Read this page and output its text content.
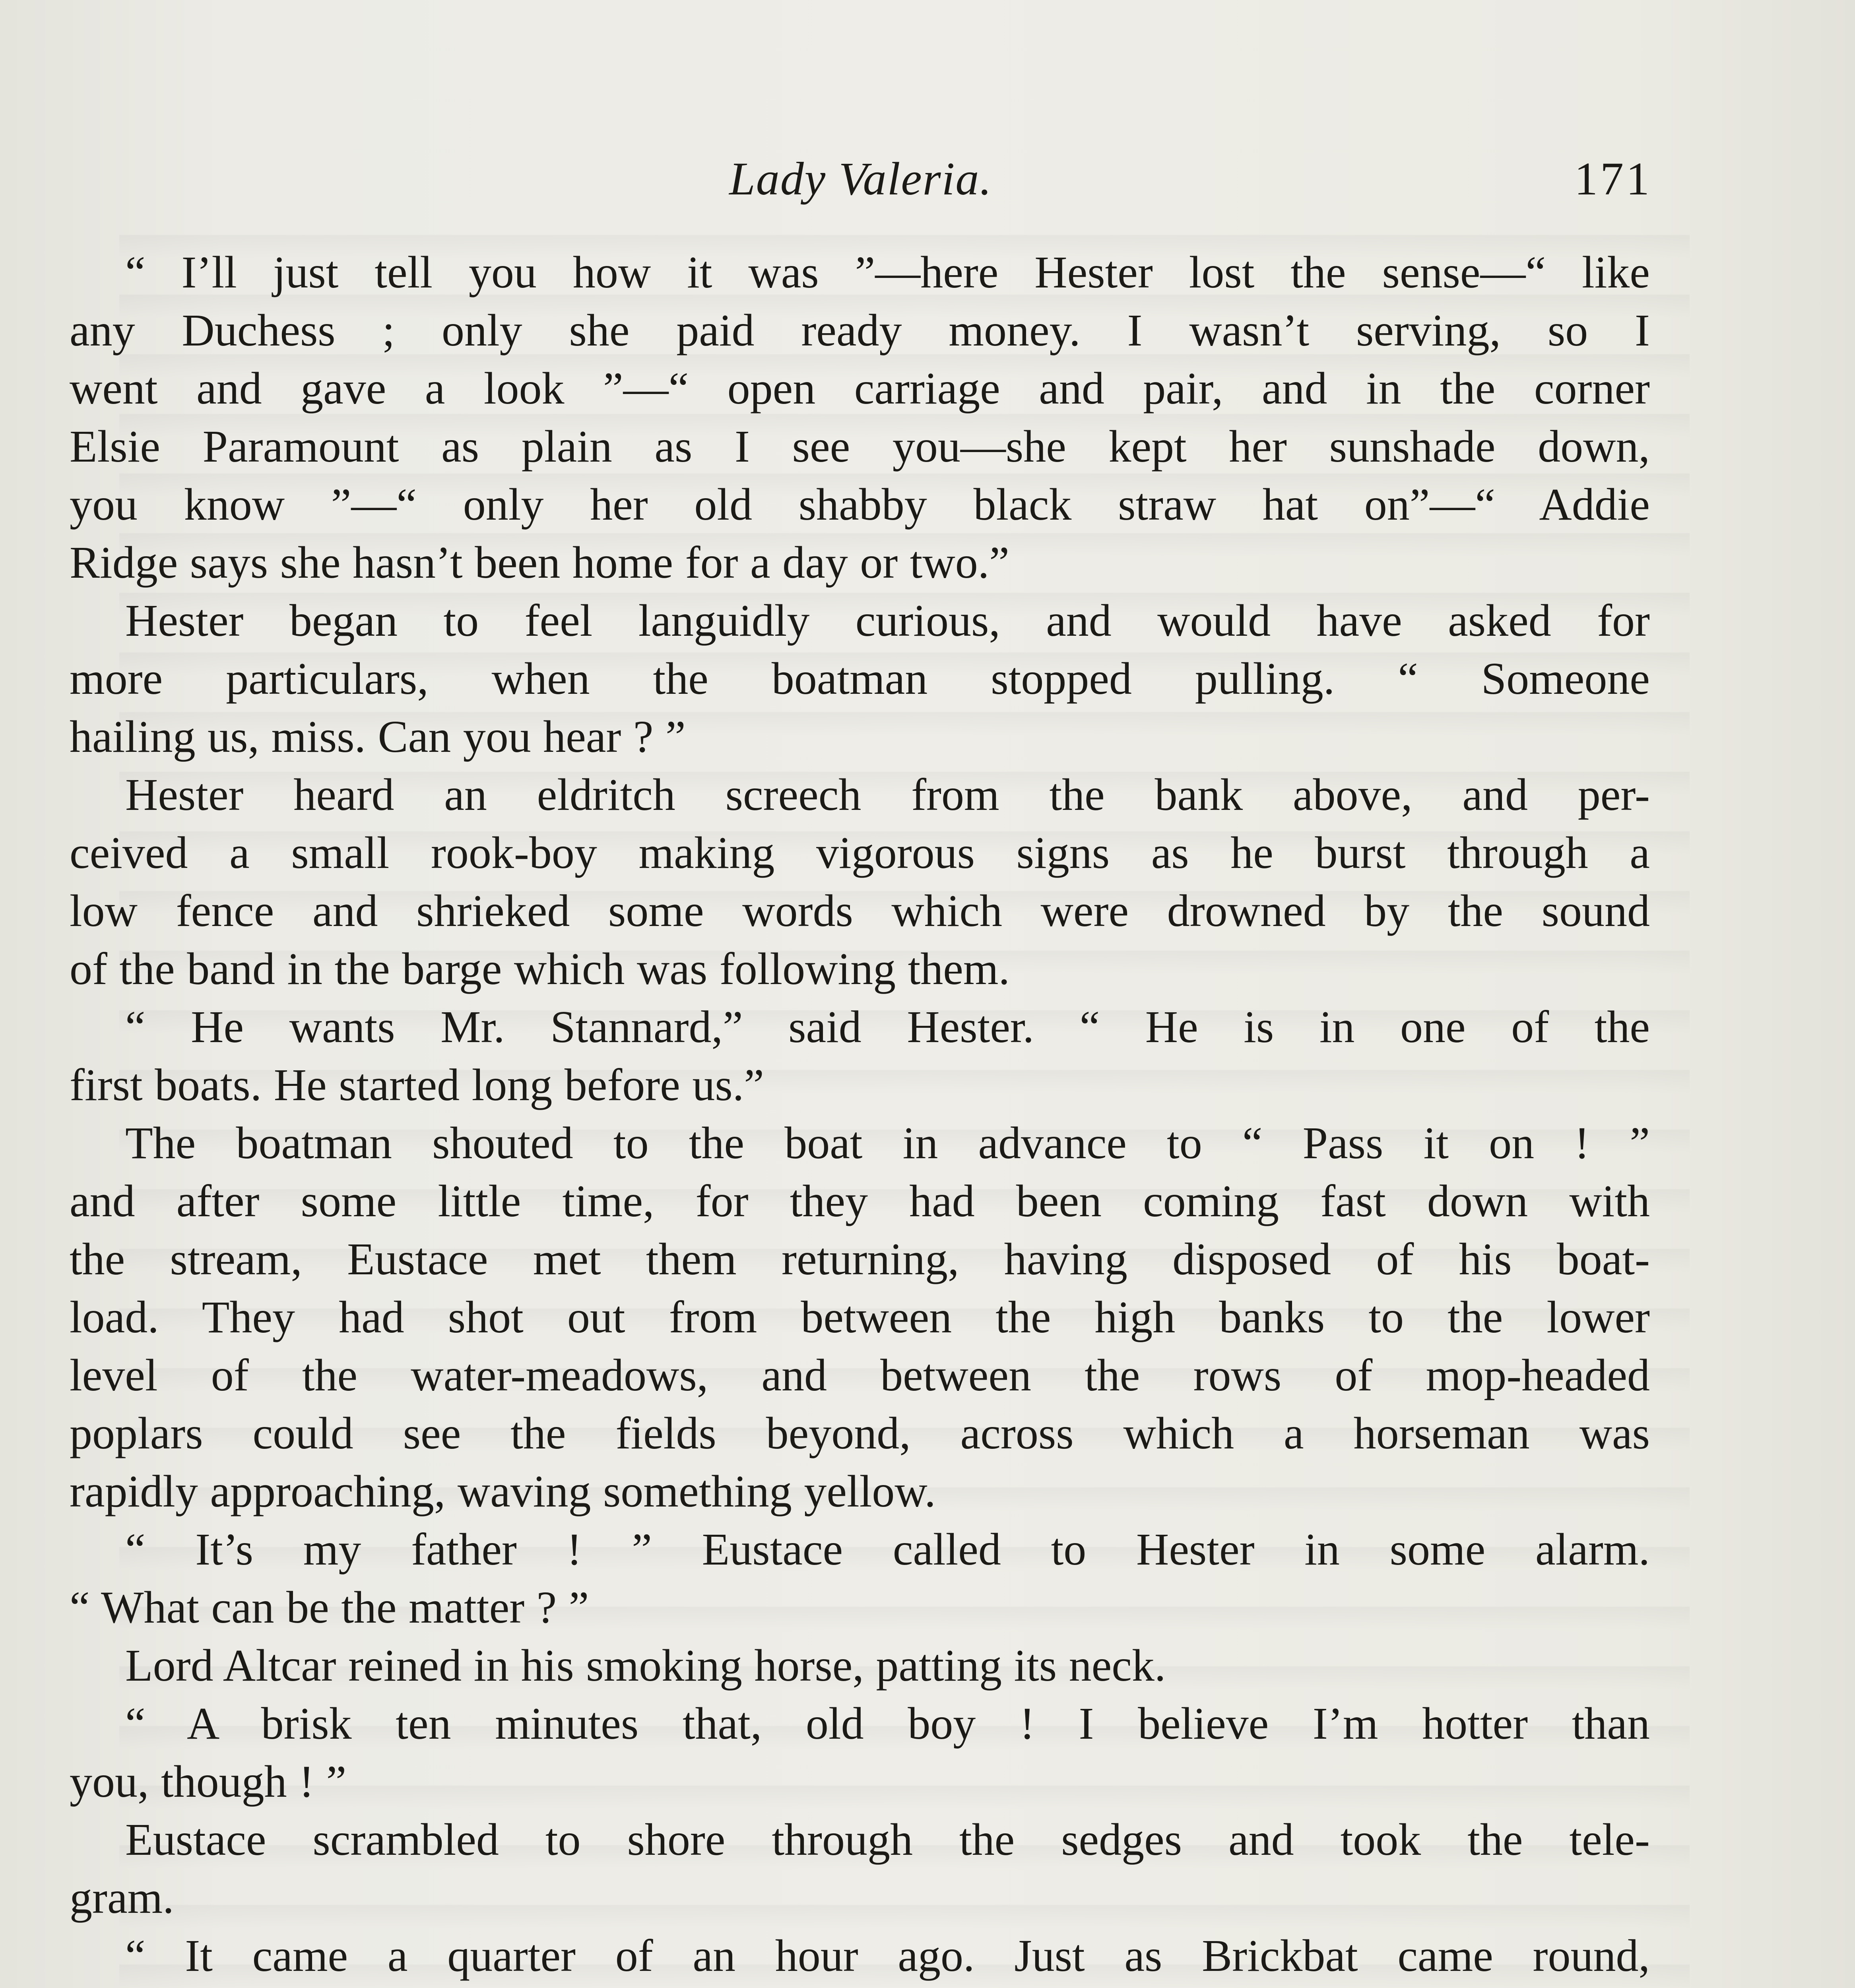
Lady Valeria.	171
“ I’ll just tell you how it was ”—here Hester lost the sense—“ like
any Duchess ; only she paid ready money. I wasn’t serving, so I
went and gave a look ”—“ open carriage and pair, and in the corner
Elsie Paramount as plain as I see you—she kept her sunshade down,
you know ”—“ only her old shabby black straw hat on”—“ Addie
Ridge says she hasn’t been home for a day or two.”
Hester began to feel languidly curious, and would have asked for
more particulars, when the boatman stopped pulling. “ Someone
hailing us, miss. Can you hear ? ”
Hester heard an eldritch screech from the bank above, and per-
ceived a small rook-boy making vigorous signs as he burst through a
low fence and shrieked some words which were drowned by the sound
of the band in the barge which was following them.
“ He wants Mr. Stannard,” said Hester. “ He is in one of the
first boats. He started long before us.”
The boatman shouted to the boat in advance to “ Pass it on ! ”
and after some little time, for they had been coming fast down with
the stream, Eustace met them returning, having disposed of his boat-
load. They had shot out from between the high banks to the lower
level of the water-meadows, and between the rows of mop-headed
poplars could see the fields beyond, across which a horseman was
rapidly approaching, waving something yellow.
“ It’s my father ! ” Eustace called to Hester in some alarm.
“ What can be the matter ? ”
Lord Altcar reined in his smoking horse, patting its neck.
“ A brisk ten minutes that, old boy ! I believe I’m hotter than
you, though ! ”
Eustace scrambled to shore through the sedges and took the tele-
gram.
“ It came a quarter of an hour ago. Just as Brickbat came round,
